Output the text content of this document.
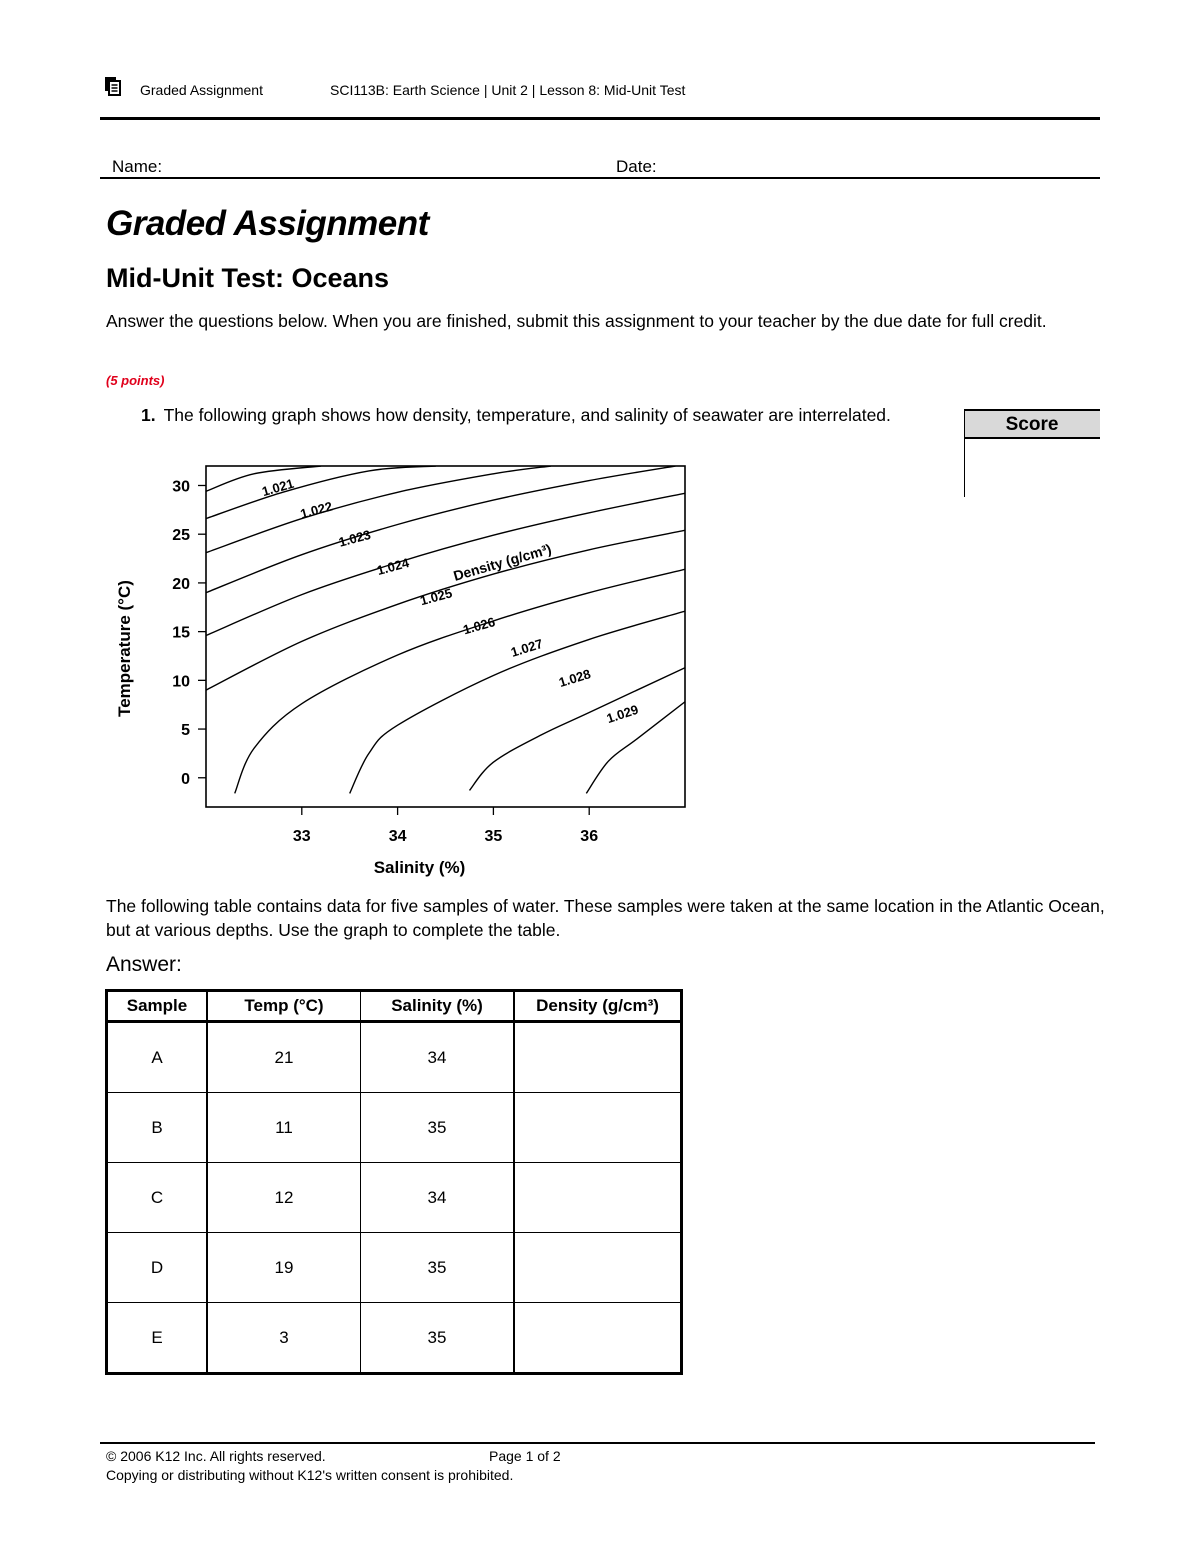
Graded Assignment	SCI113B: Earth Science | Unit 2 | Lesson 8: Mid-Unit Test
Name:	Date:
Graded Assignment
Mid-Unit Test: Oceans
Answer the questions below. When you are finished, submit this assignment to your teacher by the due date for full credit.
(5 points)
1. The following graph shows how density, temperature, and salinity of seawater are interrelated.	Score
1.021
1.022
1.023
1.024
1.025
1.026
1.027
1.028
1.029
Density (g/cm³)
0
5
10
15
20
25
30
33	34	35	36
Salinity (%)
Temperature (°C)
The following table contains data for five samples of water. These samples were taken at the same location in the Atlantic Ocean, but at various depths. Use the graph to complete the table.
Answer:
Sample	Temp (°C)	Salinity (%)	Density (g/cm³)
A	21	34	
B	11	35	
C	12	34	
D	19	35	
E	3	35	
© 2006 K12 Inc. All rights reserved.	Page 1 of 2
Copying or distributing without K12's written consent is prohibited.
